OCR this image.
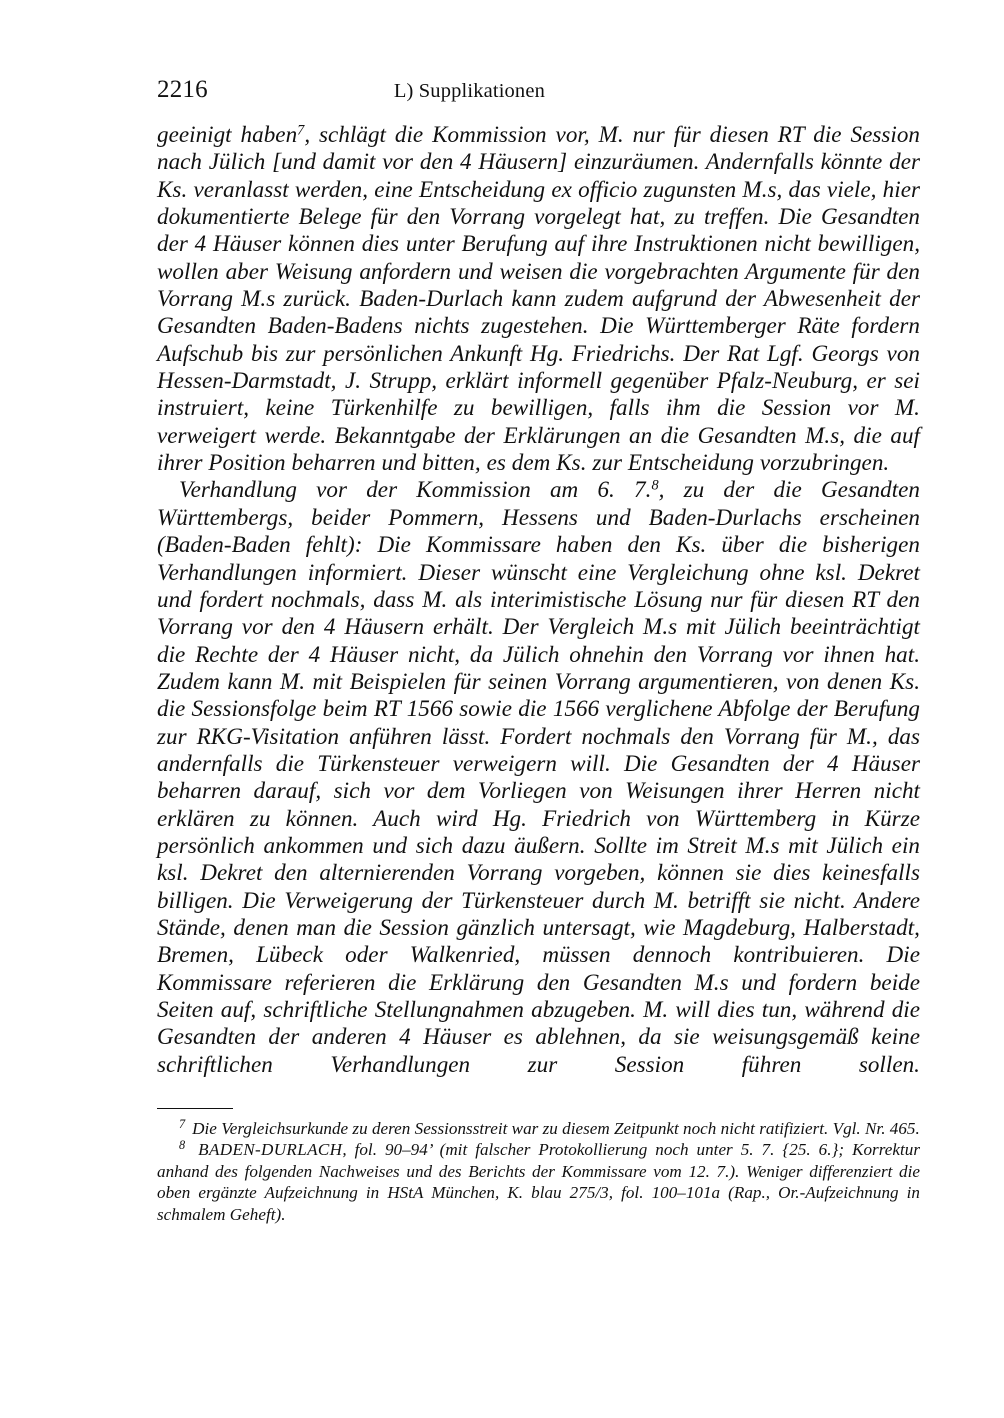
2216	L) Supplikationen

geeinigt haben$^7$, schlägt die Kommission vor, M. nur für diesen RT die Session nach Jülich [und damit vor den 4 Häusern] einzuräumen. Andernfalls könnte der Ks. veranlasst werden, eine Entscheidung ex officio zugunsten M.s, das viele, hier dokumentierte Belege für den Vorrang vorgelegt hat, zu treffen. Die Gesandten der 4 Häuser können dies unter Berufung auf ihre Instruktionen nicht bewilligen, wollen aber Weisung anfordern und weisen die vorgebrachten Argumente für den Vorrang M.s zurück. Baden-Durlach kann zudem aufgrund der Abwesenheit der Gesandten Baden-Badens nichts zugestehen. Die Württemberger Räte fordern Aufschub bis zur persönlichen Ankunft Hg. Friedrichs. Der Rat Lgf. Georgs von Hessen-Darmstadt, J. Strupp, erklärt informell gegenüber Pfalz-Neuburg, er sei instruiert, keine Türkenhilfe zu bewilligen, falls ihm die Session vor M. verweigert werde. Bekanntgabe der Erklärungen an die Gesandten M.s, die auf ihrer Position beharren und bitten, es dem Ks. zur Entscheidung vorzubringen.

Verhandlung vor der Kommission am 6. 7.$^8$, zu der die Gesandten Württembergs, beider Pommern, Hessens und Baden-Durlachs erscheinen (Baden-Baden fehlt): Die Kommissare haben den Ks. über die bisherigen Verhandlungen informiert. Dieser wünscht eine Vergleichung ohne ksl. Dekret und fordert nochmals, dass M. als interimistische Lösung nur für diesen RT den Vorrang vor den 4 Häusern erhält. Der Vergleich M.s mit Jülich beeinträchtigt die Rechte der 4 Häuser nicht, da Jülich ohnehin den Vorrang vor ihnen hat. Zudem kann M. mit Beispielen für seinen Vorrang argumentieren, von denen Ks. die Sessionsfolge beim RT 1566 sowie die 1566 verglichene Abfolge der Berufung zur RKG-Visitation anführen lässt. Fordert nochmals den Vorrang für M., das andernfalls die Türkensteuer verweigern will. Die Gesandten der 4 Häuser beharren darauf, sich vor dem Vorliegen von Weisungen ihrer Herren nicht erklären zu können. Auch wird Hg. Friedrich von Württemberg in Kürze persönlich ankommen und sich dazu äußern. Sollte im Streit M.s mit Jülich ein ksl. Dekret den alternierenden Vorrang vorgeben, können sie dies keinesfalls billigen. Die Verweigerung der Türkensteuer durch M. betrifft sie nicht. Andere Stände, denen man die Session gänzlich untersagt, wie Magdeburg, Halberstadt, Bremen, Lübeck oder Walkenried, müssen dennoch kontribuieren. Die Kommissare referieren die Erklärung den Gesandten M.s und fordern beide Seiten auf, schriftliche Stellungnahmen abzugeben. M. will dies tun, während die Gesandten der anderen 4 Häuser es ablehnen, da sie weisungsgemäß keine schriftlichen Verhandlungen zur Session führen sollen.

$^7$ Die Vergleichsurkunde zu deren Sessionsstreit war zu diesem Zeitpunkt noch nicht ratifiziert. Vgl. Nr. 465.

$^8$ BADEN-DURLACH, fol. 90–94’ (mit falscher Protokollierung noch unter 5. 7. {25. 6.}; Korrektur anhand des folgenden Nachweises und des Berichts der Kommissare vom 12. 7.). Weniger differenziert die oben ergänzte Aufzeichnung in HStA München, K. blau 275/3, fol. 100–101a (Rap., Or.-Aufzeichnung in schmalem Geheft).
